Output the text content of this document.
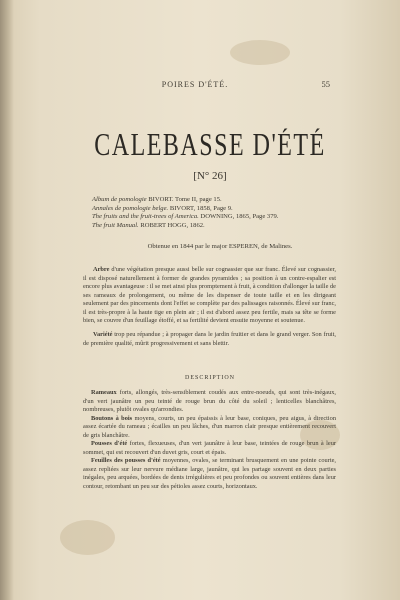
POIRES D'ÉTÉ.	55
CALEBASSE D'ÉTÉ
[N° 26]
Album de pomologie BIVORT. Tome II, page 15.
Annales de pomologie belge. BIVORT, 1858, Page 9.
The fruits and the fruit-trees of America. DOWNING, 1865, Page 379.
The fruit Manual. ROBERT HOGG, 1862.
Obtenue en 1844 par le major ESPEREN, de Malines.
Arbre d'une végétation presque aussi belle sur cognassier que sur franc. Élevé sur cognassier, il est disposé naturellement à former de grandes pyramides ; sa position à un contre-espalier est encore plus avantageuse : il se met ainsi plus promptement à fruit, à condition d'allonger la taille de ses rameaux de prolongement, ou même de les dispenser de toute taille et en les dirigeant seulement par des pincements dont l'effet se complète par des palissages raisonnés. Élevé sur franc, il est très-propre à la haute tige en plein air ; il est d'abord assez peu fertile, mais sa tête se forme bien, se couvre d'un feuillage étoffé, et sa fertilité devient ensuite moyenne et soutenue.
Variété trop peu répandue ; à propager dans le jardin fruitier et dans le grand verger. Son fruit, de première qualité, mûrit progressivement et sans blettir.
DESCRIPTION
Rameaux forts, allongés, très-sensiblement coudés aux entre-noeuds, qui sont très-inégaux, d'un vert jaunâtre un peu teinté de rouge brun du côté du soleil ; lenticelles blanchâtres, nombreuses, plutôt ovales qu'arrondies.
Boutons à bois moyens, courts, un peu épaissis à leur base, coniques, peu aigus, à direction assez écartée du rameau ; écailles un peu lâches, d'un marron clair presque entièrement recouvert de gris blanchâtre.
Pousses d'été fortes, flexueuses, d'un vert jaunâtre à leur base, teintées de rouge brun à leur sommet, qui est recouvert d'un duvet gris, court et épais.
Feuilles des pousses d'été moyennes, ovales, se terminant brusquement en une pointe courte, assez repliées sur leur nervure médiane large, jaunâtre, qui les partage souvent en deux parties inégales, peu arquées, bordées de dents irrégulières et peu profondes ou souvent entières dans leur contour, retombant un peu sur des pétioles assez courts, horizontaux.
